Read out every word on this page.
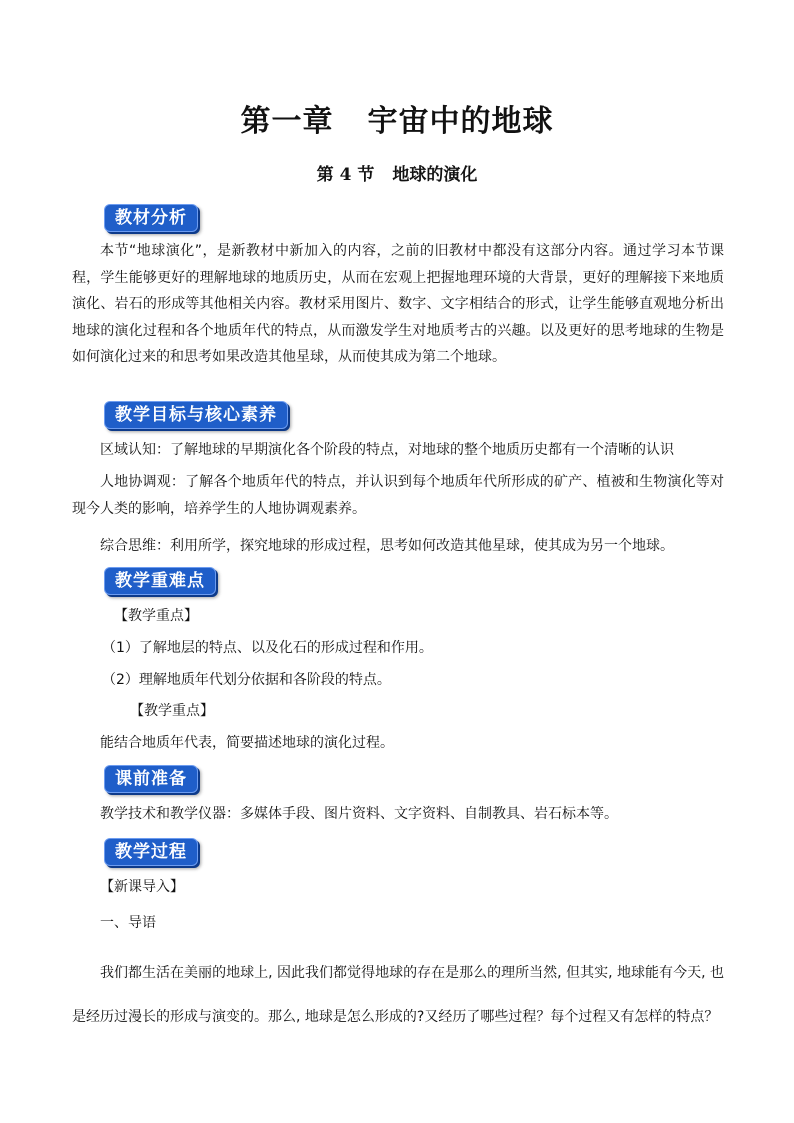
第一章 宇宙中的地球
第 4 节 地球的演化
教材分析
本节“地球演化”，是新教材中新加入的内容，之前的旧教材中都没有这部分内容。通过学习本节课程，学生能够更好的理解地球的地质历史，从而在宏观上把握地理环境的大背景，更好的理解接下来地质演化、岩石的形成等其他相关内容。教材采用图片、数字、文字相结合的形式，让学生能够直观地分析出地球的演化过程和各个地质年代的特点，从而激发学生对地质考古的兴趣。以及更好的思考地球的生物是如何演化过来的和思考如果改造其他星球，从而使其成为第二个地球。
教学目标与核心素养
区域认知：了解地球的早期演化各个阶段的特点，对地球的整个地质历史都有一个清晰的认识
人地协调观：了解各个地质年代的特点，并认识到每个地质年代所形成的矿产、植被和生物演化等对现今人类的影响，培养学生的人地协调观素养。
综合思维：利用所学，探究地球的形成过程，思考如何改造其他星球，使其成为另一个地球。
教学重难点
【教学重点】
（1）了解地层的特点、以及化石的形成过程和作用。
（2）理解地质年代划分依据和各阶段的特点。
【教学重点】
能结合地质年代表，简要描述地球的演化过程。
课前准备
教学技术和教学仪器：多媒体手段、图片资料、文字资料、自制教具、岩石标本等。
教学过程
【新课导入】
一、导语
我们都生活在美丽的地球上, 因此我们都觉得地球的存在是那么的理所当然, 但其实, 地球能有今天, 也是经历过漫长的形成与演变的。那么, 地球是怎么形成的?又经历了哪些过程？每个过程又有怎样的特点？
